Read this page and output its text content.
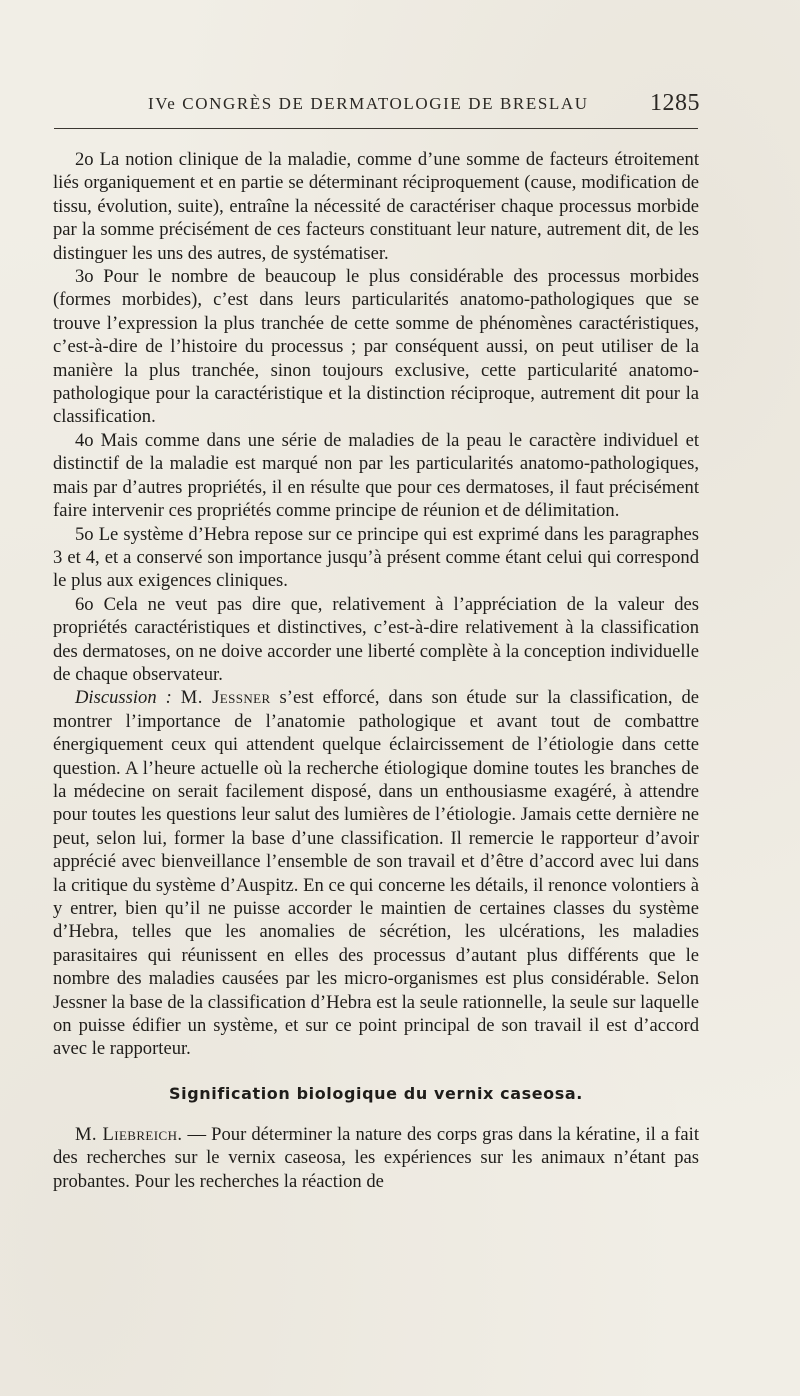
IVe CONGRÈS DE DERMATOLOGIE DE BRESLAU	1285

2o La notion clinique de la maladie, comme d’une somme de facteurs étroitement liés organiquement et en partie se déterminant réciproquement (cause, modification de tissu, évolution, suite), entraîne la nécessité de caractériser chaque processus morbide par la somme précisément de ces facteurs constituant leur nature, autrement dit, de les distinguer les uns des autres, de systématiser.

3o Pour le nombre de beaucoup le plus considérable des processus morbides (formes morbides), c’est dans leurs particularités anatomo-pathologiques que se trouve l’expression la plus tranchée de cette somme de phénomènes caractéristiques, c’est-à-dire de l’histoire du processus ; par conséquent aussi, on peut utiliser de la manière la plus tranchée, sinon toujours exclusive, cette particularité anatomo-pathologique pour la caractéristique et la distinction réciproque, autrement dit pour la classification.

4o Mais comme dans une série de maladies de la peau le caractère individuel et distinctif de la maladie est marqué non par les particularités anatomo-pathologiques, mais par d’autres propriétés, il en résulte que pour ces dermatoses, il faut précisément faire intervenir ces propriétés comme principe de réunion et de délimitation.

5o Le système d’Hebra repose sur ce principe qui est exprimé dans les paragraphes 3 et 4, et a conservé son importance jusqu’à présent comme étant celui qui correspond le plus aux exigences cliniques.

6o Cela ne veut pas dire que, relativement à l’appréciation de la valeur des propriétés caractéristiques et distinctives, c’est-à-dire relativement à la classification des dermatoses, on ne doive accorder une liberté complète à la conception individuelle de chaque observateur.

Discussion : M. Jessner s’est efforcé, dans son étude sur la classification, de montrer l’importance de l’anatomie pathologique et avant tout de combattre énergiquement ceux qui attendent quelque éclaircissement de l’étiologie dans cette question. A l’heure actuelle où la recherche étiologique domine toutes les branches de la médecine on serait facilement disposé, dans un enthousiasme exagéré, à attendre pour toutes les questions leur salut des lumières de l’étiologie. Jamais cette dernière ne peut, selon lui, former la base d’une classification. Il remercie le rapporteur d’avoir apprécié avec bienveillance l’ensemble de son travail et d’être d’accord avec lui dans la critique du système d’Auspitz. En ce qui concerne les détails, il renonce volontiers à y entrer, bien qu’il ne puisse accorder le maintien de certaines classes du système d’Hebra, telles que les anomalies de sécrétion, les ulcérations, les maladies parasitaires qui réunissent en elles des processus d’autant plus différents que le nombre des maladies causées par les micro-organismes est plus considérable. Selon Jessner la base de la classification d’Hebra est la seule rationnelle, la seule sur laquelle on puisse édifier un système, et sur ce point principal de son travail il est d’accord avec le rapporteur.

Signification biologique du vernix caseosa.

M. Liebreich. — Pour déterminer la nature des corps gras dans la kératine, il a fait des recherches sur le vernix caseosa, les expériences sur les animaux n’étant pas probantes. Pour les recherches la réaction de
